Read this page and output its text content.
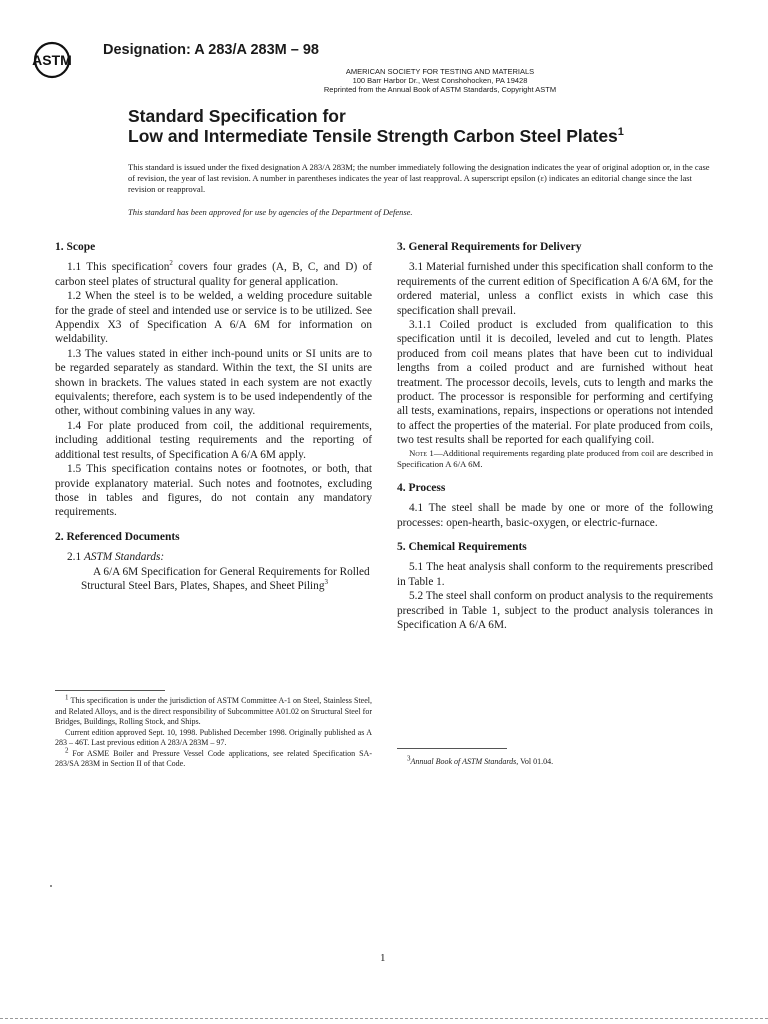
ASTM
Designation: A 283/A 283M – 98
AMERICAN SOCIETY FOR TESTING AND MATERIALS
100 Barr Harbor Dr., West Conshohocken, PA 19428
Reprinted from the Annual Book of ASTM Standards, Copyright ASTM
Standard Specification for
Low and Intermediate Tensile Strength Carbon Steel Plates$^1$
This standard is issued under the fixed designation A 283/A 283M; the number immediately following the designation indicates the year of original adoption or, in the case of revision, the year of last revision. A number in parentheses indicates the year of last reapproval. A superscript epsilon (ε) indicates an editorial change since the last revision or reapproval.
This standard has been approved for use by agencies of the Department of Defense.
1. Scope

1.1 This specification$^2$ covers four grades (A, B, C, and D) of carbon steel plates of structural quality for general application.

1.2 When the steel is to be welded, a welding procedure suitable for the grade of steel and intended use or service is to be utilized. See Appendix X3 of Specification A 6/A 6M for information on weldability.

1.3 The values stated in either inch-pound units or SI units are to be regarded separately as standard. Within the text, the SI units are shown in brackets. The values stated in each system are not exactly equivalents; therefore, each system is to be used independently of the other, without combining values in any way.

1.4 For plate produced from coil, the additional requirements, including additional testing requirements and the reporting of additional test results, of Specification A 6/A 6M apply.

1.5 This specification contains notes or footnotes, or both, that provide explanatory material. Such notes and footnotes, excluding those in tables and figures, do not contain any mandatory requirements.

2. Referenced Documents

2.1 ASTM Standards:

A 6/A 6M Specification for General Requirements for Rolled Structural Steel Bars, Plates, Shapes, and Sheet Piling$^3$

3. General Requirements for Delivery

3.1 Material furnished under this specification shall conform to the requirements of the current edition of Specification A 6/A 6M, for the ordered material, unless a conflict exists in which case this specification shall prevail.

3.1.1 Coiled product is excluded from qualification to this specification until it is decoiled, leveled and cut to length. Plates produced from coil means plates that have been cut to individual lengths from a coiled product and are furnished without heat treatment. The processor decoils, levels, cuts to length and marks the product. The processor is responsible for performing and certifying all tests, examinations, repairs, inspections or operations not intended to affect the properties of the material. For plate produced from coils, two test results shall be reported for each qualifying coil.

Note 1—Additional requirements regarding plate produced from coil are described in Specification A 6/A 6M.

4. Process

4.1 The steel shall be made by one or more of the following processes: open-hearth, basic-oxygen, or electric-furnace.

5. Chemical Requirements

5.1 The heat analysis shall conform to the requirements prescribed in Table 1.

5.2 The steel shall conform on product analysis to the requirements prescribed in Table 1, subject to the product analysis tolerances in Specification A 6/A 6M.

$^1$ This specification is under the jurisdiction of ASTM Committee A-1 on Steel, Stainless Steel, and Related Alloys, and is the direct responsibility of Subcommittee A01.02 on Structural Steel for Bridges, Buildings, Rolling Stock, and Ships.

Current edition approved Sept. 10, 1998. Published December 1998. Originally published as A 283 – 46T. Last previous edition A 283/A 283M – 97.

$^2$ For ASME Boiler and Pressure Vessel Code applications, see related Specification SA-283/SA 283M in Section II of that Code.

$^3$Annual Book of ASTM Standards, Vol 01.04.

1
